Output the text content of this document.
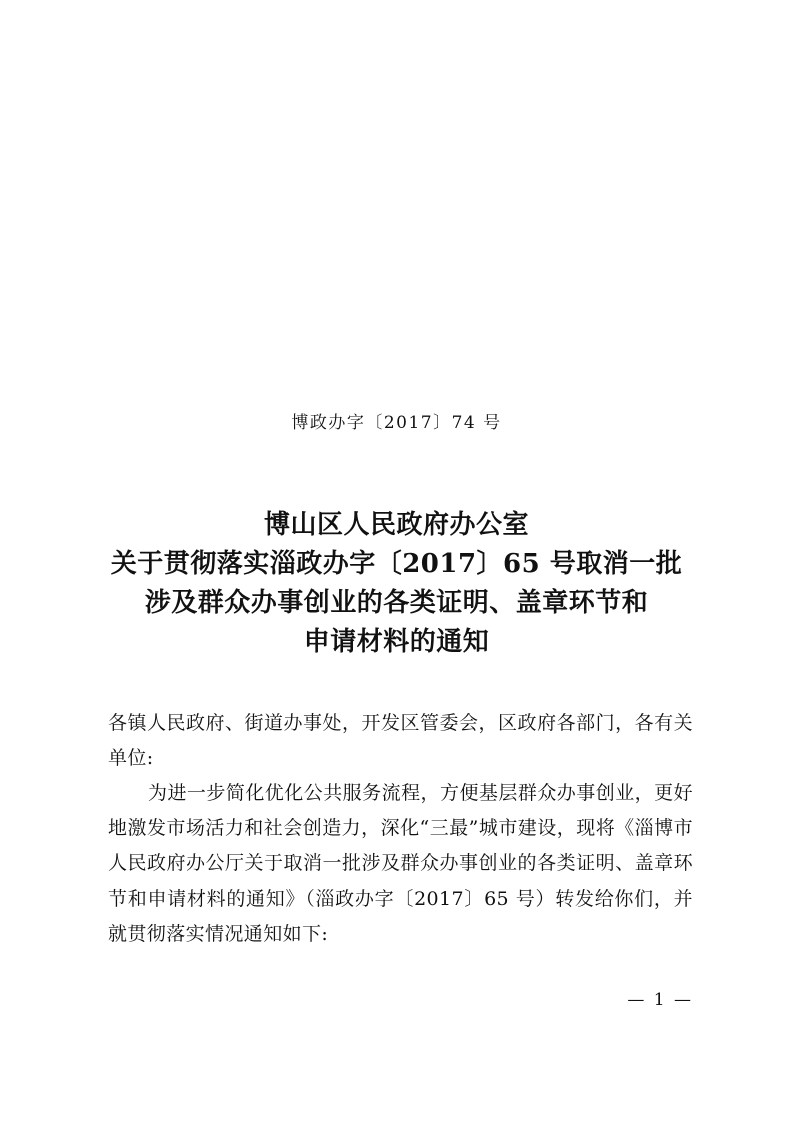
博政办字〔2017〕74 号
博山区人民政府办公室
关于贯彻落实淄政办字〔2017〕65 号取消一批
涉及群众办事创业的各类证明、盖章环节和
申请材料的通知
各镇人民政府、街道办事处，开发区管委会，区政府各部门，各有关单位:
为进一步简化优化公共服务流程，方便基层群众办事创业，更好地激发市场活力和社会创造力，深化“三最”城市建设，现将《淄博市人民政府办公厅关于取消一批涉及群众办事创业的各类证明、盖章环节和申请材料的通知》（淄政办字〔2017〕65 号）转发给你们，并就贯彻落实情况通知如下:
— 1 —
